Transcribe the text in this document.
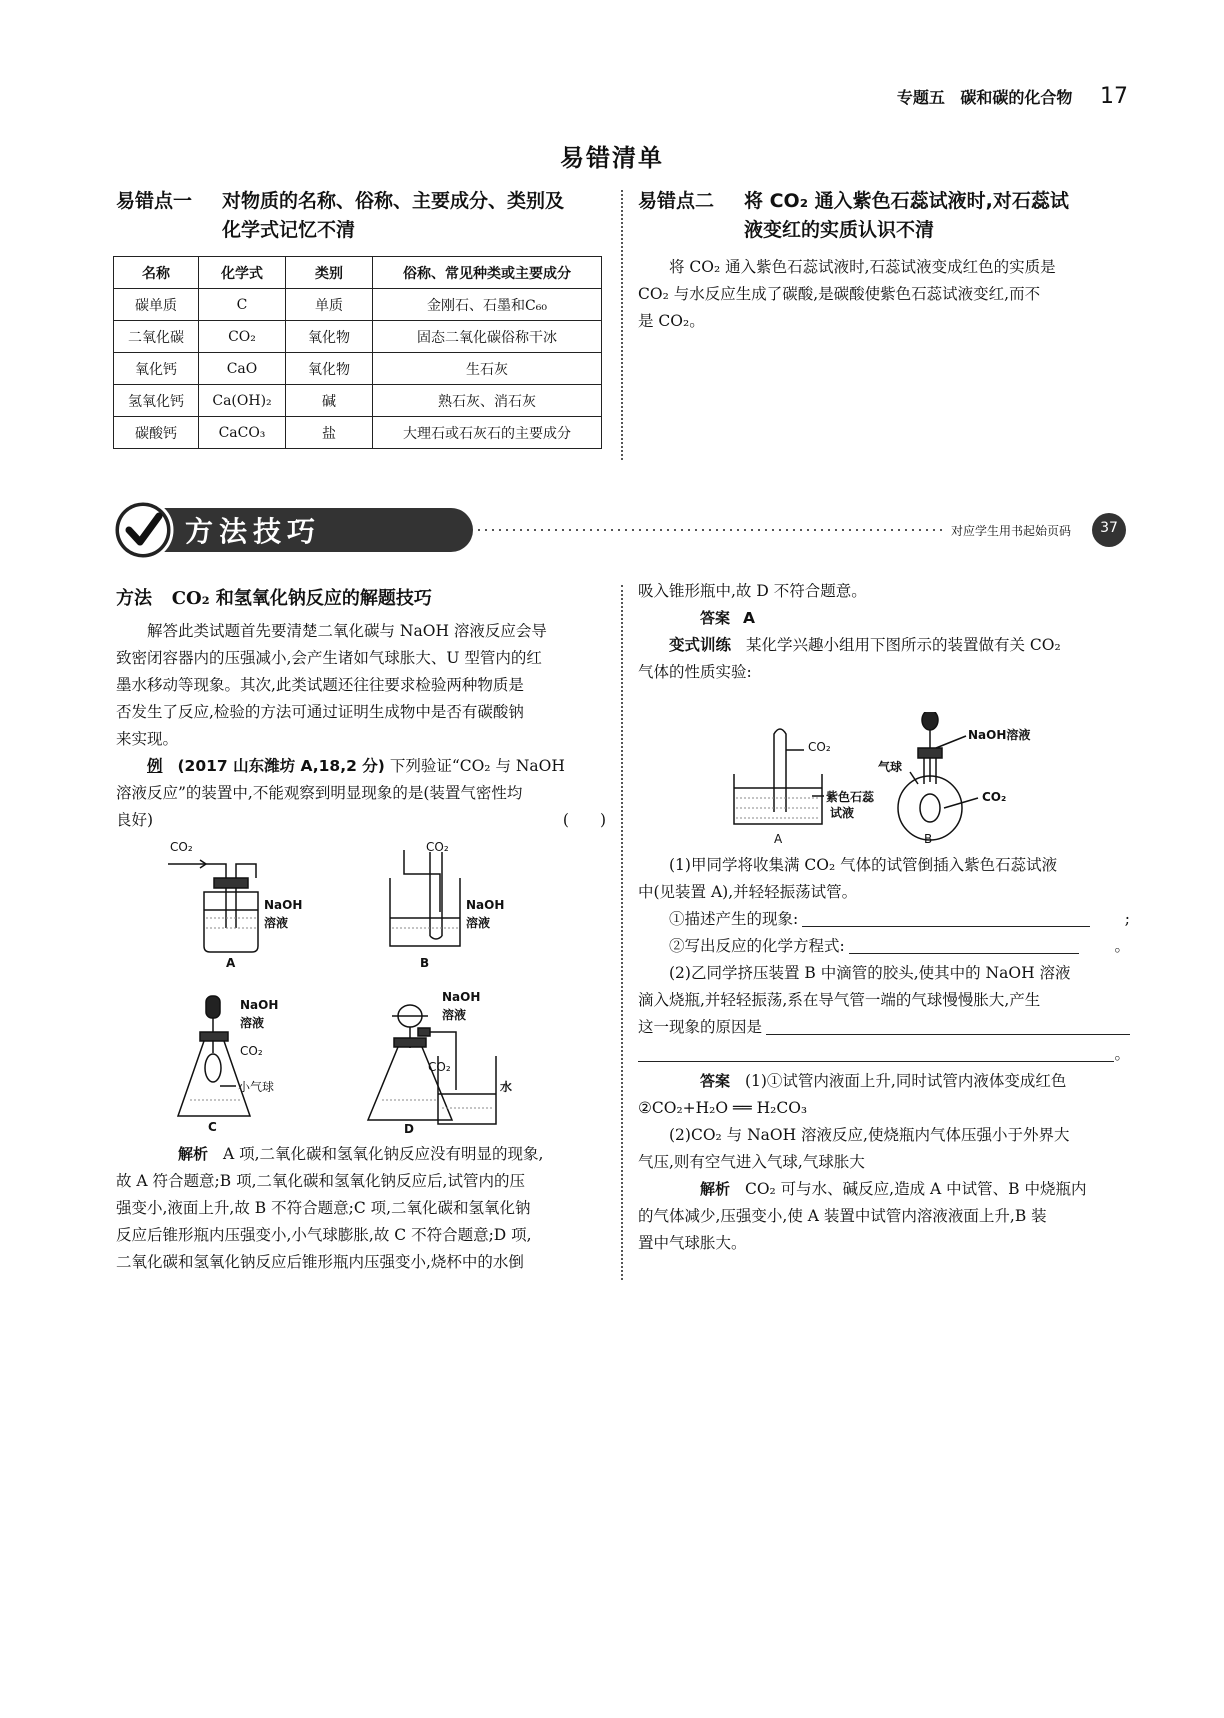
专题五 碳和碳的化合物 17
易错清单
易错点一 对物质的名称、俗称、主要成分、类别及
化学式记忆不清
名称	化学式	类别	俗称、常见种类或主要成分
碳单质	C	单质	金刚石、石墨和C₆₀
二氧化碳	CO₂	氧化物	固态二氧化碳俗称干冰
氧化钙	CaO	氧化物	生石灰
氢氧化钙	Ca(OH)₂	碱	熟石灰、消石灰
碳酸钙	CaCO₃	盐	大理石或石灰石的主要成分
易错点二 将 CO₂ 通入紫色石蕊试液时,对石蕊试
液变红的实质认识不清
将 CO₂ 通入紫色石蕊试液时,石蕊试液变成红色的实质是
CO₂ 与水反应生成了碳酸,是碳酸使紫色石蕊试液变红,而不
是 CO₂。
方法技巧	对应学生用书起始页码	37
方法 CO₂ 和氢氧化钠反应的解题技巧
解答此类试题首先要清楚二氧化碳与 NaOH 溶液反应会导
致密闭容器内的压强减小,会产生诸如气球胀大、U 型管内的红
墨水移动等现象。其次,此类试题还往往要求检验两种物质是
否发生了反应,检验的方法可通过证明生成物中是否有碳酸钠
来实现。
例 (2017 山东潍坊 A,18,2 分) 下列验证“CO₂ 与 NaOH
溶液反应”的装置中,不能观察到明显现象的是(装置气密性均
良好)	(　　)
CO₂
NaOH
溶液
A
CO₂
NaOH
溶液
B
NaOH
溶液
CO₂
小气球
C
NaOH
溶液
CO₂
水
D
解析 A 项,二氧化碳和氢氧化钠反应没有明显的现象,
故 A 符合题意;B 项,二氧化碳和氢氧化钠反应后,试管内的压
强变小,液面上升,故 B 不符合题意;C 项,二氧化碳和氢氧化钠
反应后锥形瓶内压强变小,小气球膨胀,故 C 不符合题意;D 项,
二氧化碳和氢氧化钠反应后锥形瓶内压强变小,烧杯中的水倒
吸入锥形瓶中,故 D 不符合题意。
答案 A
变式训练 某化学兴趣小组用下图所示的装置做有关 CO₂
气体的性质实验:
CO₂
紫色石蕊
试液
NaOH溶液
气球
CO₂
A	B
(1)甲同学将收集满 CO₂ 气体的试管倒插入紫色石蕊试液
中(见装置 A),并轻轻振荡试管。
①描述产生的现象:	;
②写出反应的化学方程式:	。
(2)乙同学挤压装置 B 中滴管的胶头,使其中的 NaOH 溶液
滴入烧瓶,并轻轻振荡,系在导气管一端的气球慢慢胀大,产生
这一现象的原因是
。
答案 (1)①试管内液面上升,同时试管内液体变成红色
②CO₂+H₂O ══ H₂CO₃
(2)CO₂ 与 NaOH 溶液反应,使烧瓶内气体压强小于外界大
气压,则有空气进入气球,气球胀大
解析 CO₂ 可与水、碱反应,造成 A 中试管、B 中烧瓶内
的气体减少,压强变小,使 A 装置中试管内溶液液面上升,B 装
置中气球胀大。
